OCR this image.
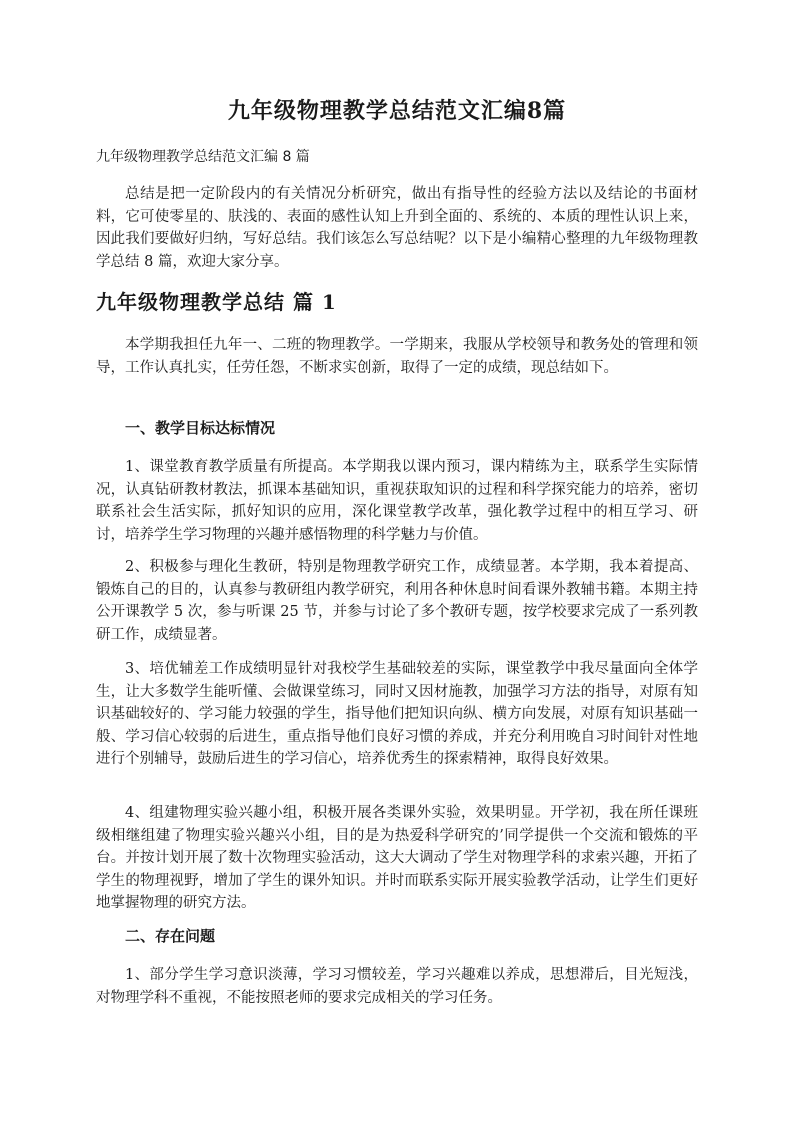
九年级物理教学总结范文汇编8篇
九年级物理教学总结范文汇编 8 篇

总结是把一定阶段内的有关情况分析研究，做出有指导性的经验方法以及结论的书面材料，它可使零星的、肤浅的、表面的感性认知上升到全面的、系统的、本质的理性认识上来，因此我们要做好归纳，写好总结。我们该怎么写总结呢？以下是小编精心整理的九年级物理教学总结 8 篇，欢迎大家分享。

九年级物理教学总结 篇 1

本学期我担任九年一、二班的物理教学。一学期来，我服从学校领导和教务处的管理和领导，工作认真扎实，任劳任怨，不断求实创新，取得了一定的成绩，现总结如下。

一、教学目标达标情况

1、课堂教育教学质量有所提高。本学期我以课内预习，课内精练为主，联系学生实际情况，认真钻研教材教法，抓课本基础知识，重视获取知识的过程和科学探究能力的培养，密切联系社会生活实际，抓好知识的应用，深化课堂教学改革，强化教学过程中的相互学习、研讨，培养学生学习物理的兴趣并感悟物理的科学魅力与价值。

2、积极参与理化生教研，特别是物理教学研究工作，成绩显著。本学期，我本着提高、锻炼自己的目的，认真参与教研组内教学研究，利用各种休息时间看课外教辅书籍。本期主持公开课教学 5 次，参与听课 25 节，并参与讨论了多个教研专题，按学校要求完成了一系列教研工作，成绩显著。

3、培优辅差工作成绩明显针对我校学生基础较差的实际，课堂教学中我尽量面向全体学生，让大多数学生能听懂、会做课堂练习，同时又因材施教，加强学习方法的指导，对原有知识基础较好的、学习能力较强的学生，指导他们把知识向纵、横方向发展，对原有知识基础一般、学习信心较弱的后进生，重点指导他们良好习惯的养成，并充分利用晚自习时间针对性地进行个别辅导，鼓励后进生的学习信心，培养优秀生的探索精神，取得良好效果。

4、组建物理实验兴趣小组，积极开展各类课外实验，效果明显。开学初，我在所任课班级相继组建了物理实验兴趣兴小组，目的是为热爱科学研究的’同学提供一个交流和锻炼的平台。并按计划开展了数十次物理实验活动，这大大调动了学生对物理学科的求索兴趣，开拓了学生的物理视野，增加了学生的课外知识。并时而联系实际开展实验教学活动，让学生们更好地掌握物理的研究方法。

二、存在问题

1、部分学生学习意识淡薄，学习习惯较差，学习兴趣难以养成，思想滞后，目光短浅，对物理学科不重视，不能按照老师的要求完成相关的学习任务。
